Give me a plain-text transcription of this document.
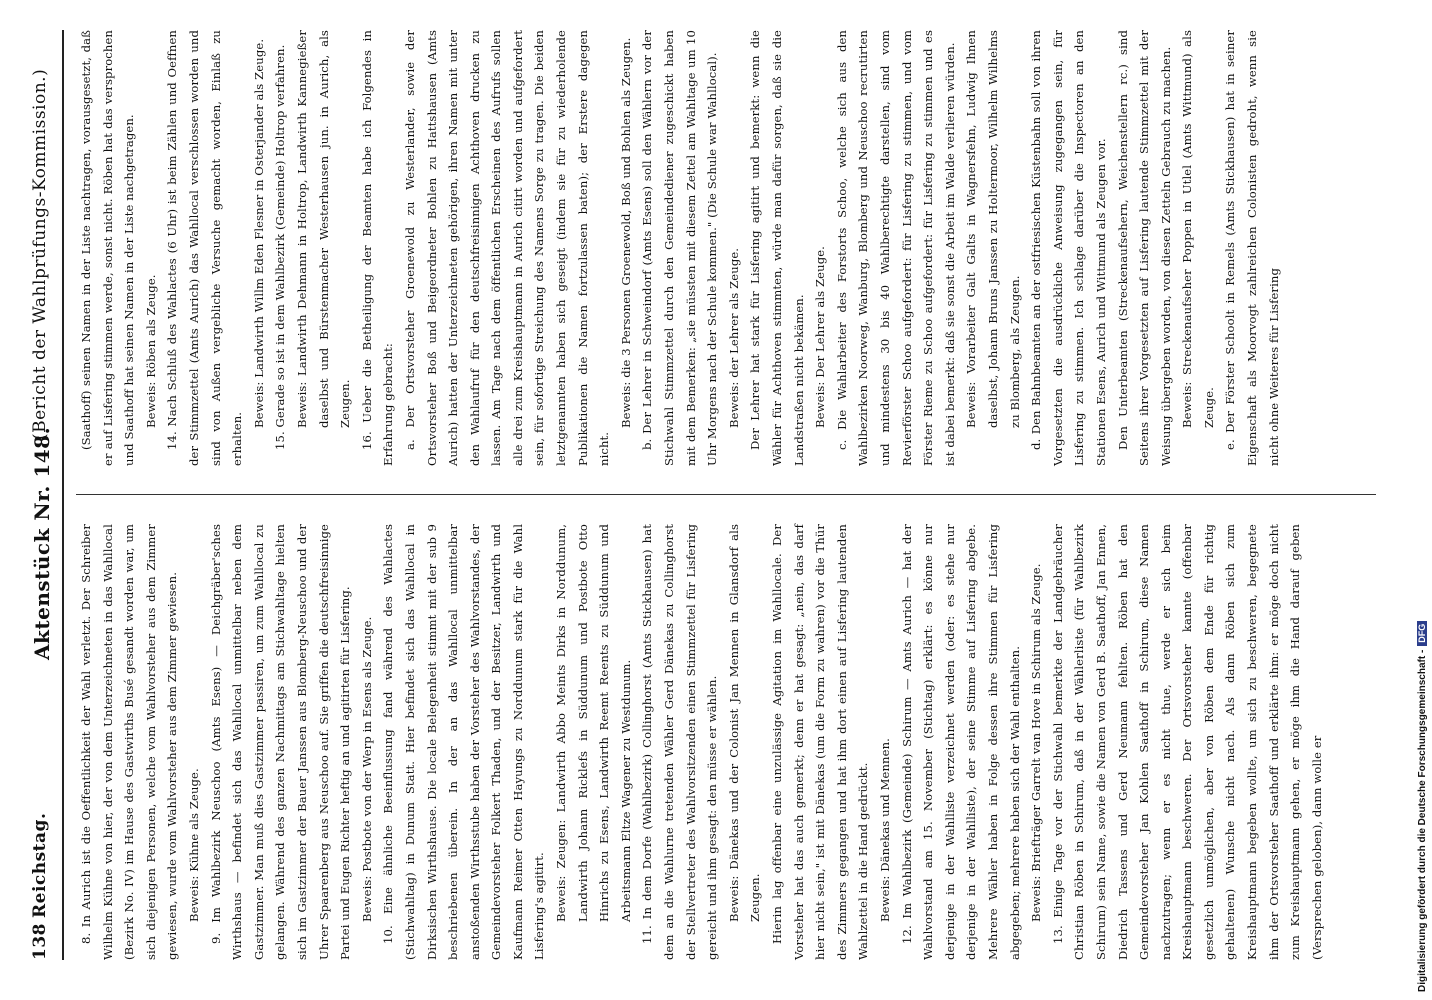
138
Reichstag.
Aktenstück Nr. 148.
(Bericht der Wahlprüfungs-Kommission.)

8. In Aurich ist die Oeffentlichkeit der Wahl verletzt. Der Schreiber Wilhelm Kühne von hier, der von dem Unterzeichneten in das Wahllocal (Bezirk No. IV) im Hause des Gastwirths Busé gesandt worden war, um sich diejenigen Personen, welche vom Wahlvorsteher aus dem Zimmer gewiesen, wurde vom Wahlvorsteher aus dem Zimmer gewiesen. Beweis: Kühne als Zeuge. 9. Im Wahlbezirk Neuschoo (Amts Esens) — Deichgräber'sches Wirthshaus — befindet sich das Wahllocal unmittelbar neben dem Gastzimmer. Man muß dies Gastzimmer passiren, um zum Wahllocal zu gelangen. Während des ganzen Nachmittags am Stichwahltage hielten sich im Gastzimmer der Bauer Janssen aus Blomberg-Neuschoo und der Uhrer Spaarenberg aus Neuschoo auf. Sie griffen die deutschfreisinnige Partei und Eugen Richter heftig an und agitirten für Lisfering. Beweis: Postbote von der Werp in Esens als Zeuge. 10. Eine ähnliche Beeinflussung fand während des Wahlactes (Stichwahltag) in Dunum Statt. Hier befindet sich das Wahllocal in Dirksischen Wirthshause. Die locale Belegenheit stimmt mit der sub 9 beschriebenen überein. In der an das Wahllocal unmittelbar anstoßenden Wirthsstube haben der Vorsteher des Wahlvorstandes, der Gemeindevorsteher Folkert Thaden, und der Besitzer, Landwirth und Kaufmann Reimer Otten Hayungs zu Norddunum stark für die Wahl Lisfering's agitirt. Beweis: Zeugen: Landwirth Abbo Meints Dirks in Norddunum, Landwirth Johann Ricklefs in Süddunum und Postbote Otto Hinrichs zu Esens, Landwirth Reemt Reents zu Süddunum und Arbeitsmann Eltze Wagener zu Westdunum. 11. In dem Dorfe (Wahlbezirk) Collinghorst (Amts Stickhausen) hat dem an die Wahlurne tretenden Wähler Gerd Dänekas zu Collinghorst der Stellvertreter des Wahlvorsitzenden einen Stimmzettel für Lisfering gereicht und ihm gesagt: den müsse er wählen. Beweis: Dänekas und der Colonist Jan Mennen in Glansdorf als Zeugen. Hierin lag offenbar eine unzulässige Agitation im Wahllocale. Der Vorsteher hat das auch gemerkt; denn er hat gesagt: „nein, das darf hier nicht sein," ist mit Dänekas (um die Form zu wahren) vor die Thür des Zimmers gegangen und hat ihm dort einen auf Lisfering lautenden Wahlzettel in die Hand gedrückt. Beweis: Dänekas und Mennen. 12. Im Wahlbezirk (Gemeinde) Schirum — Amts Aurich — hat der Wahlvorstand am 15. November (Stichtag) erklärt: es könne nur derjenige in der Wahlliste verzeichnet werden (oder: es stehe nur derjenige in der Wahlliste), der seine Stimme auf Lisfering abgebe. Mehrere Wähler haben in Folge dessen ihre Stimmen für Lisfering abgegeben; mehrere haben sich der Wahl enthalten. Beweis: Briefträger Garrelt van Hove in Schirum als Zeuge. 13. Einige Tage vor der Stichwahl bemerkte der Landgebräucher Christian Röben in Schirum, daß in der Wählerliste (für Wahlbezirk Schirum) sein Name, sowie die Namen von Gerd B. Saathoff, Jan Ennen, Diedrich Tassens und Gerd Neumann fehlten. Röben hat den Gemeindevorsteher Jan Kohlen Saathoff in Schirum, diese Namen nachzutragen; wenn er es nicht thue, werde er sich beim Kreishauptmann beschweren. Der Ortsvorsteher kannte (offenbar gesetzlich unmöglichen, aber von Röben dem Ende für richtig gehaltenen) Wunsche nicht nach. Als dann Röben sich zum Kreishauptmann begeben wollte, um sich zu beschweren, begegnete ihm der Ortsvorsteher Saathoff und erklärte ihm: er möge doch nicht zum Kreishauptmann gehen, er möge ihm die Hand darauf geben (Versprechen geloben), dann wolle er

(Saathoff) seinen Namen in der Liste nachtragen, vorausgesetzt, daß er auf Lisfering stimmen werde, sonst nicht. Röben hat das versprochen und Saathoff hat seinen Namen in der Liste nachgetragen. Beweis: Röben als Zeuge. 14. Nach Schluß des Wahlactes (6 Uhr) ist beim Zählen und Oeffnen der Stimmzettel (Amts Aurich) das Wahllocal verschlossen worden und sind von Außen vergebliche Versuche gemacht worden, Einlaß zu erhalten.

Beweis: Landwirth Willm Eden Flesner in Osterjander als Zeuge. 15. Gerade so ist in dem Wahlbezirk (Gemeinde) Holtrop verfahren. Beweis: Landwirth Dehmann in Holtrop, Landwirth Kannegießer daselbst und Bürstenmacher Westerhausen jun. in Aurich, als Zeugen. 16. Ueber die Betheiligung der Beamten habe ich Folgendes in Erfahrung gebracht: a. Der Ortsvorsteher Groenewold zu Westerlander, sowie der Ortsvorsteher Boß und Beigeordneter Bohlen zu Hattshausen (Amts Aurich) hatten der Unterzeichneten gehörigen, ihren Namen mit unter den Wahlaufruf für den deutschfreisinnigen Achthoven drucken zu lassen. Am Tage nach dem öffentlichen Erscheinen des Aufrufs sollen alle drei zum Kreishauptmann in Aurich citirt worden und aufgefordert sein, für sofortige Streichung des Namens Sorge zu tragen. Die beiden letztgenannten haben sich geseigt (indem sie für zu wiederholende Publikationen die Namen fortzulassen baten); der Erstere dagegen nicht.

Beweis: die 3 Personen Groenewold, Boß und Bohlen als Zeugen. b. Der Lehrer in Schweindorf (Amts Esens) soll den Wählern vor der Stichwahl Stimmzettel durch den Gemeindediener zugeschickt haben mit dem Bemerken: „sie müssten mit diesem Zettel am Wahltage um 10 Uhr Morgens nach der Schule kommen." (Die Schule war Wahllocal). Beweis: der Lehrer als Zeuge. Der Lehrer hat stark für Lisfering agitirt und bemerkt: wenn die Wähler für Achthoven stimmten, würde man dafür sorgen, daß sie die Landstraßen nicht bekämen. Beweis: Der Lehrer als Zeuge. c. Die Wahlarbeiter des Forstorts Schoo, welche sich aus den Wahlbezirken Noorweg, Wanburg, Blomberg und Neuschoo recrutirten und mindestens 30 bis 40 Wahlberechtigte darstellen, sind vom Revierförster Schoo aufgefordert: für Lisfering zu stimmen, und vom Förster Rieme zu Schoo aufgefordert: für Lisfering zu stimmen und es ist dabei bemerkt: daß sie sonst die Arbeit im Walde verlieren würden. Beweis: Vorarbeiter Galt Galts in Wagnersfehn, Ludwig Ihnen daselbst, Johann Bruns Janssen zu Holtermoor, Wilhelm Wilhelms zu Blomberg, als Zeugen. d. Den Bahnbeamten an der ostfriesischen Küstenbahn soll von ihren Vorgesetzten die ausdrückliche Anweisung zugegangen sein, für Lisfering zu stimmen. Ich schlage darüber die Inspectoren an den Stationen Esens, Aurich und Wittmund als Zeugen vor. Den Unterbeamten (Streckenaufsehern, Weichenstellern rc.) sind Seitens ihrer Vorgesetzten auf Lisfering lautende Stimmzettel mit der Weisung übergeben worden, von diesen Zetteln Gebrauch zu machen. Beweis: Streckenaufseher Poppen in Utlel (Amts Wittmund) als Zeuge. e. Der Förster Schoolt in Remels (Amts Stickhausen) hat in seiner Eigenschaft als Moorvogt zahlreichen Colonisten gedroht, wenn sie nicht ohne Weiteres für Lisfering

Digitalisierung gefördert durch die Deutsche Forschungsgemeinschaft -
DFG
